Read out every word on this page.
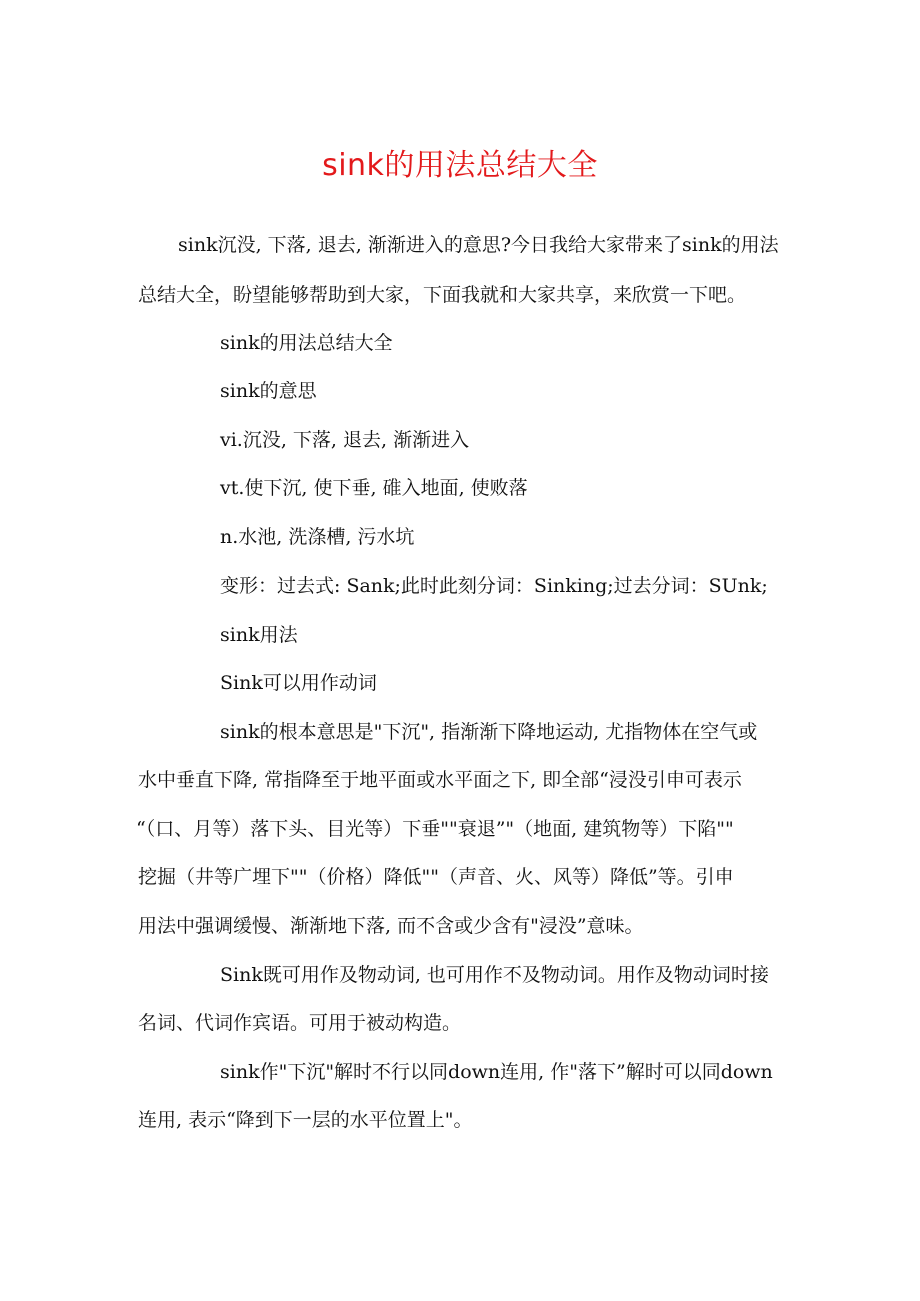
sink的用法总结大全

sink沉没, 下落, 退去, 渐渐进入的意思?今日我给大家带来了sink的用法

总结大全，盼望能够帮助到大家，下面我就和大家共享，来欣赏一下吧。

sink的用法总结大全

sink的意思

vi.沉没, 下落, 退去, 渐渐进入

vt.使下沉, 使下垂, 碓入地面, 使败落

n.水池, 洗涤槽, 污水坑

变形：过去式: Sank;此时此刻分词：Sinking;过去分词：SUnk;

sink用法

Sink可以用作动词

sink的根本意思是"下沉", 指渐渐下降地运动, 尤指物体在空气或

水中垂直下降, 常指降至于地平面或水平面之下, 即全部“浸没引申可表示

“（口、月等）落下头、目光等）下垂""衰退”"（地面, 建筑物等）下陷""

挖掘（井等广埋下""（价格）降低""（声音、火、风等）降低”等。引申

用法中强调缓慢、渐渐地下落, 而不含或少含有"浸没”意味。

Sink既可用作及物动词, 也可用作不及物动词。用作及物动词时接

名词、代词作宾语。可用于被动构造。

sink作"下沉"解时不行以同down连用, 作"落下”解时可以同down

连用, 表示“降到下一层的水平位置上"。
